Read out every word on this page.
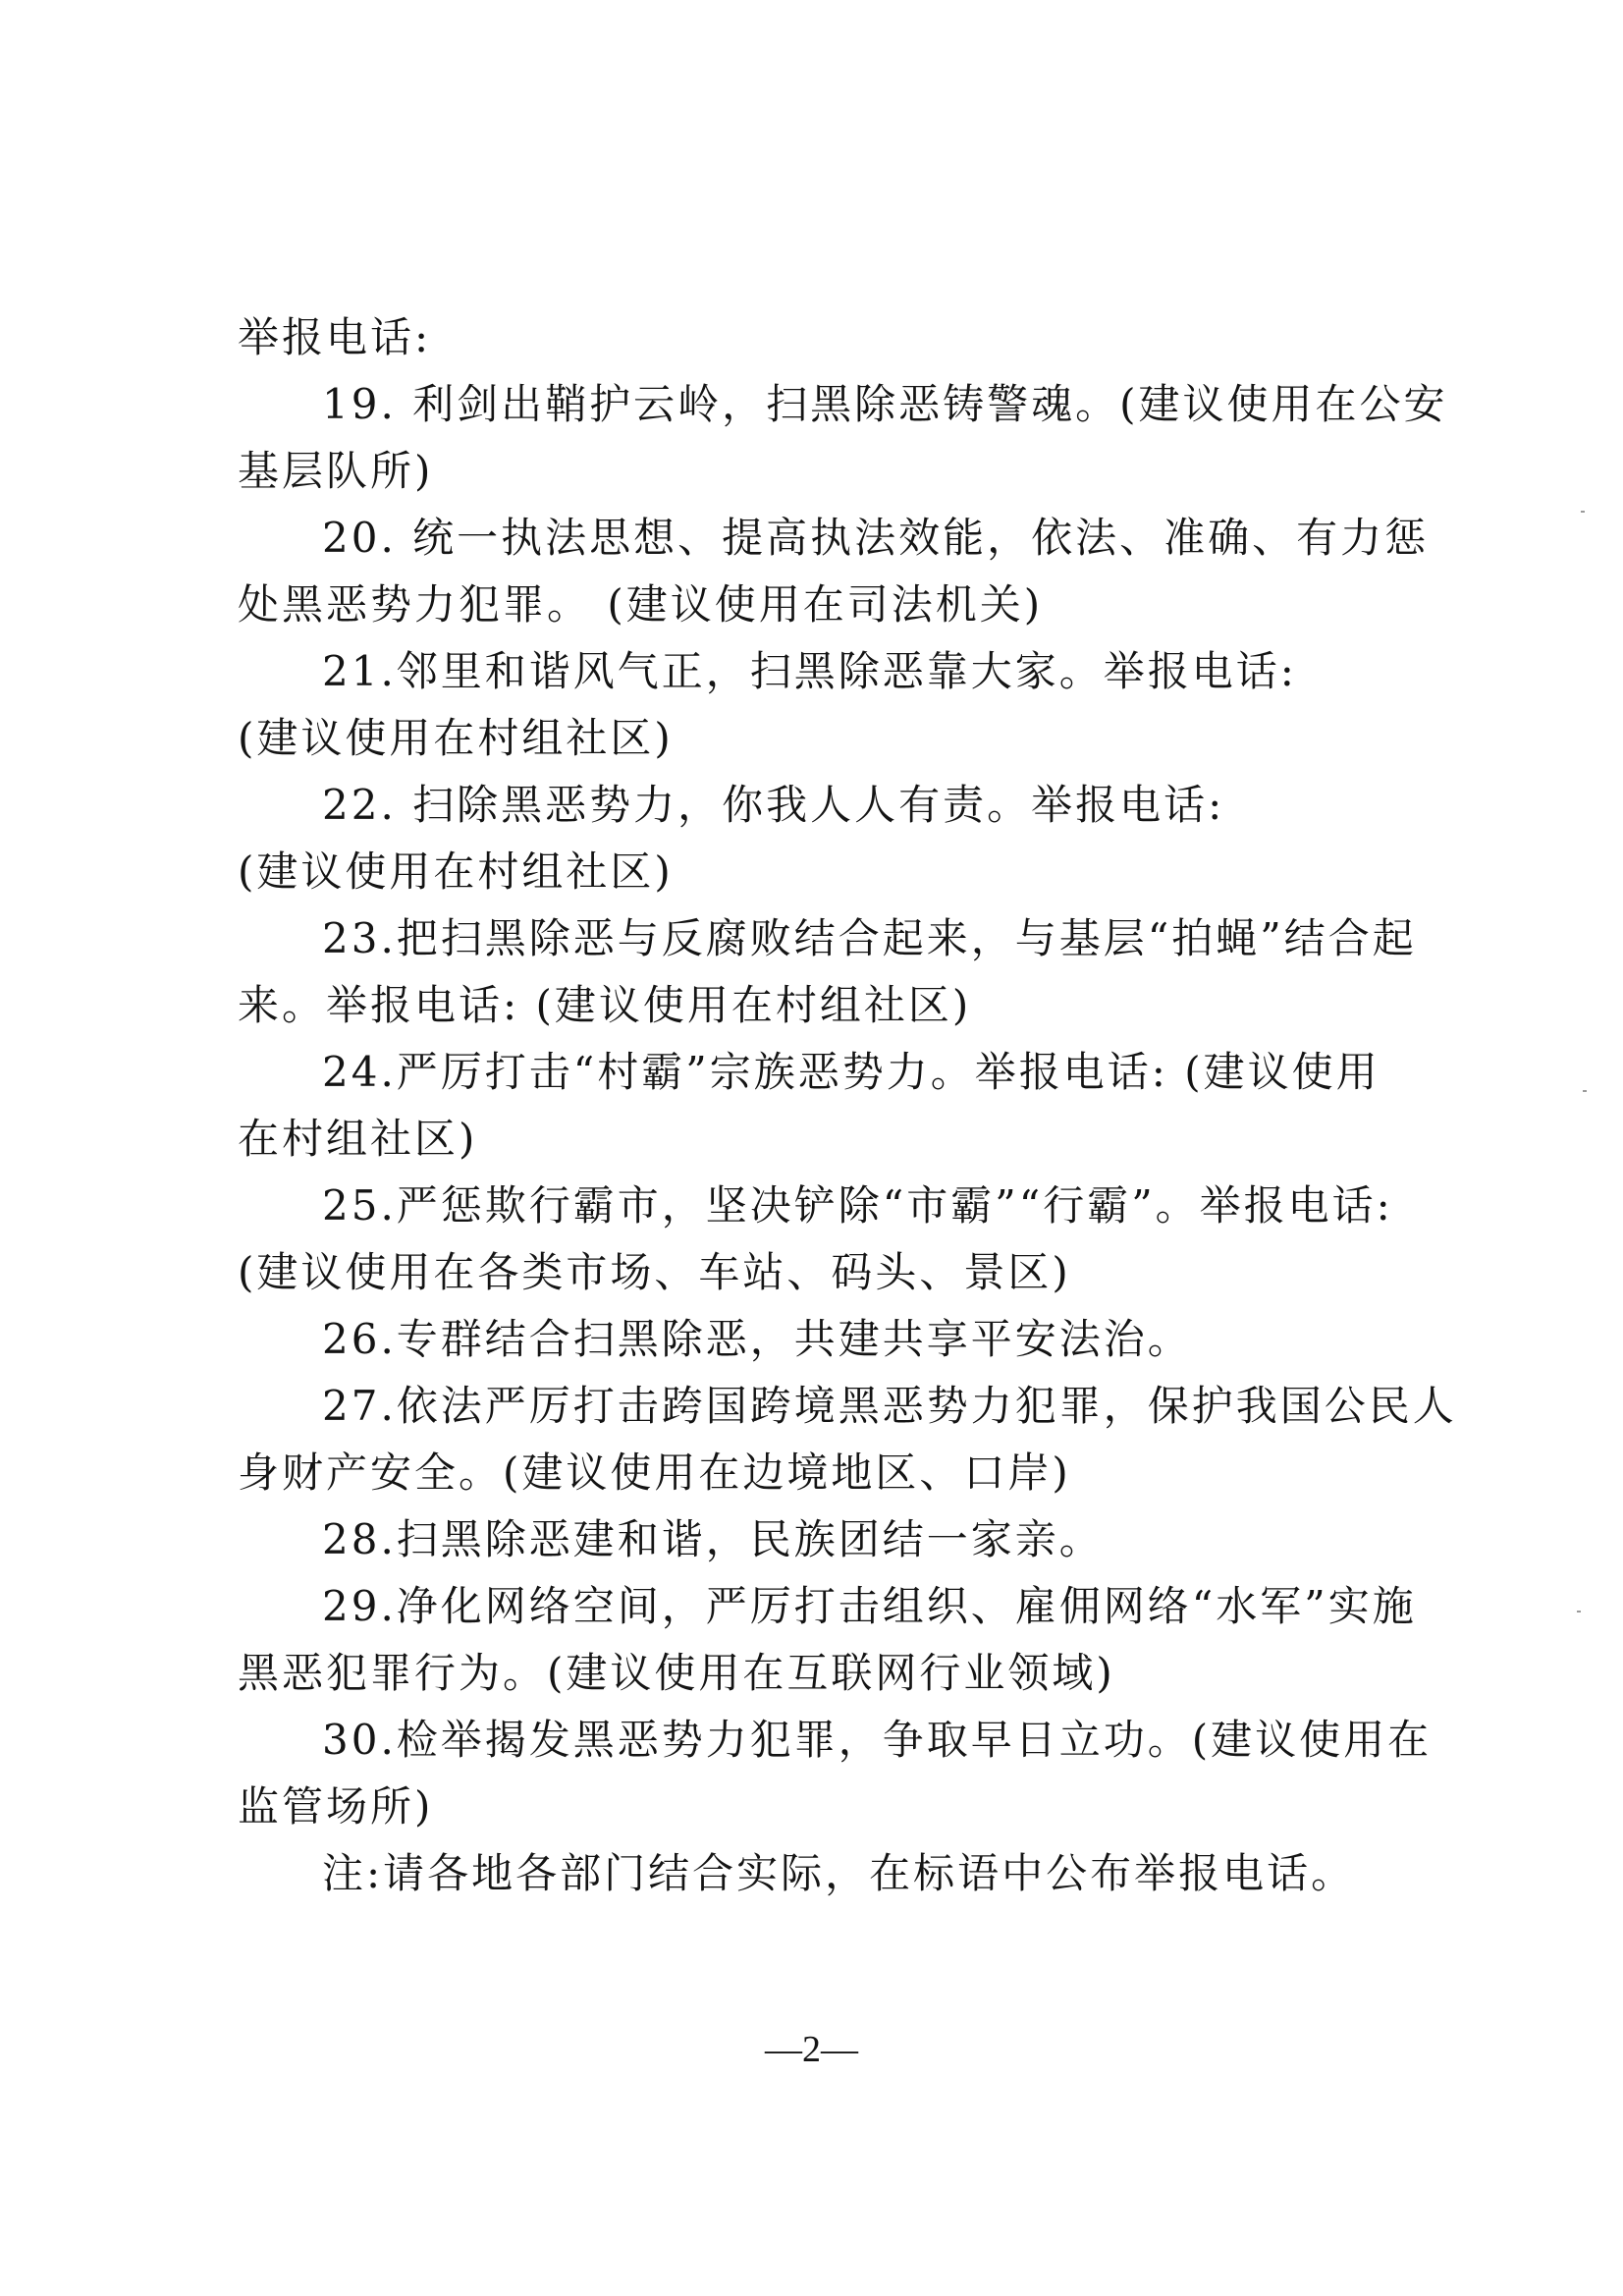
举报电话:
19. 利剑出鞘护云岭，扫黑除恶铸警魂。(建议使用在公安
基层队所)
20. 统一执法思想、提高执法效能，依法、准确、有力惩
处黑恶势力犯罪。 (建议使用在司法机关)
21.邻里和谐风气正，扫黑除恶靠大家。举报电话:
(建议使用在村组社区)
22. 扫除黑恶势力，你我人人有责。举报电话:
(建议使用在村组社区)
23.把扫黑除恶与反腐败结合起来，与基层“拍蝇”结合起
来。举报电话: (建议使用在村组社区)
24.严厉打击“村霸”宗族恶势力。举报电话: (建议使用
在村组社区)
25.严惩欺行霸市，坚决铲除“市霸”“行霸”。举报电话:
(建议使用在各类市场、车站、码头、景区)
26.专群结合扫黑除恶，共建共享平安法治。
27.依法严厉打击跨国跨境黑恶势力犯罪，保护我国公民人
身财产安全。(建议使用在边境地区、口岸)
28.扫黑除恶建和谐，民族团结一家亲。
29.净化网络空间，严厉打击组织、雇佣网络“水军”实施
黑恶犯罪行为。(建议使用在互联网行业领域)
30.检举揭发黑恶势力犯罪，争取早日立功。(建议使用在
监管场所)
注:请各地各部门结合实际，在标语中公布举报电话。
—2—
